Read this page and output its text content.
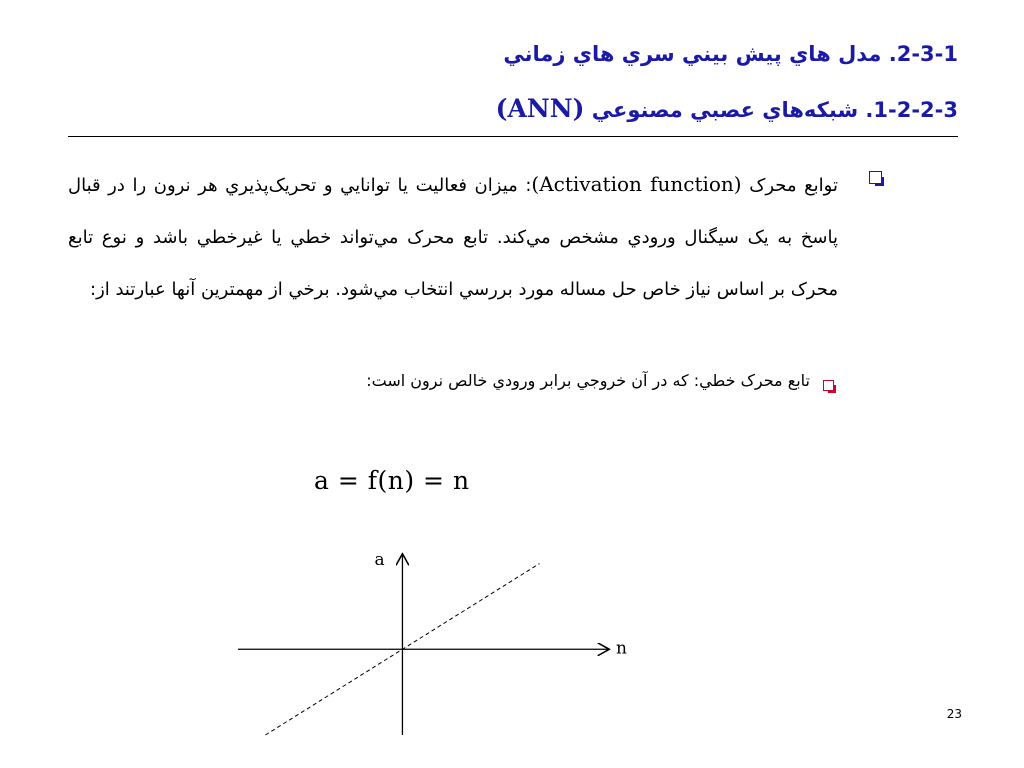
2-3-1. مدل هاي پيش بيني سري هاي زماني
1-2-2-3. شبکه‌هاي عصبي مصنوعي (ANN)
توابع محرک (Activation function): ميزان فعاليت يا توانايي و تحريک‌پذيري هر نرون را در قبال پاسخ به يک سيگنال ورودي مشخص مي‌کند. تابع محرک مي‌تواند خطي يا غيرخطي باشد و نوع تابع محرک بر اساس نياز خاص حل مساله مورد بررسي انتخاب مي‌شود. برخي از مهمترين آنها عبارتند از:
تابع محرک خطي: که در آن خروجي برابر ورودي خالص نرون است:
a = f(n) = n
n
a
23
